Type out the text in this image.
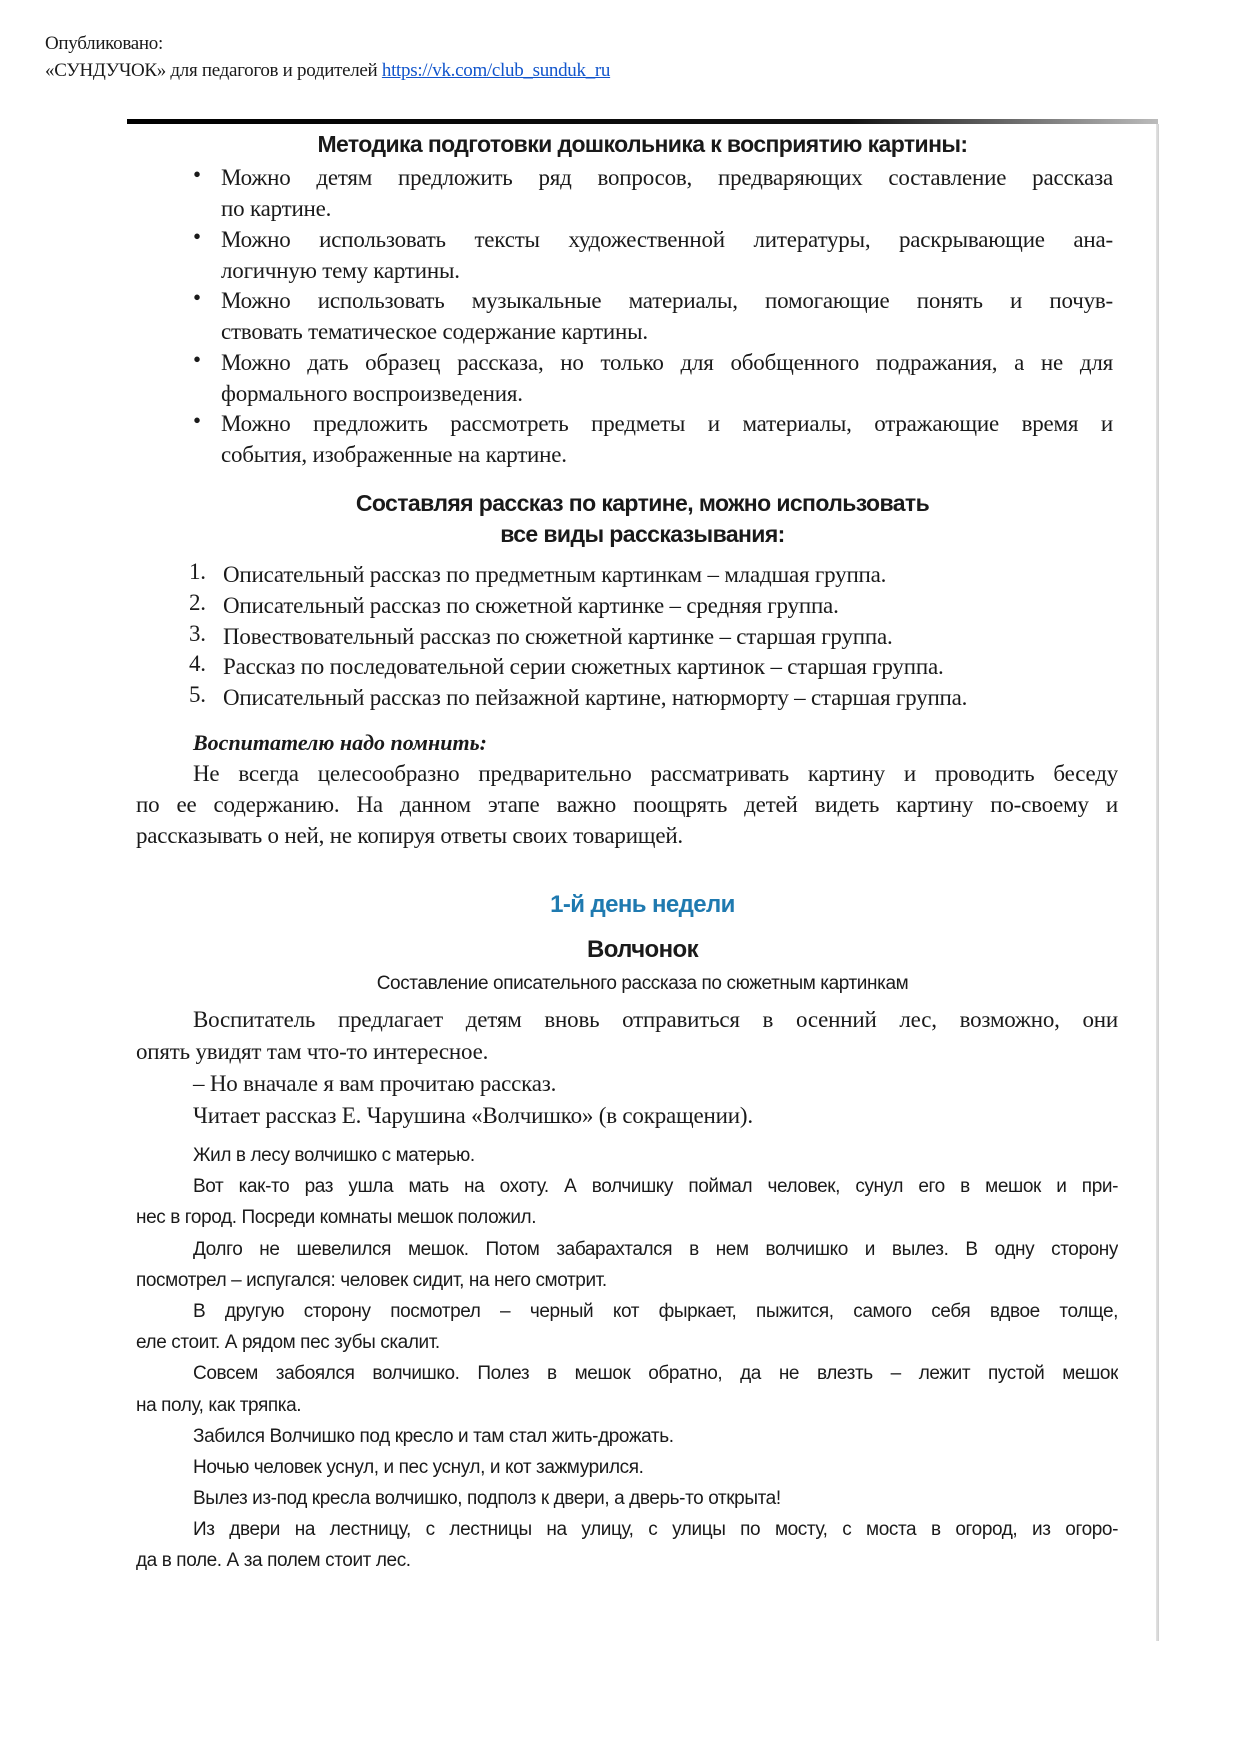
Опубликовано:
«СУНДУЧОК» для педагогов и родителей https://vk.com/club_sunduk_ru
Методика подготовки дошкольника к восприятию картины:
• Можно детям предложить ряд вопросов, предваряющих составление рассказа
по картине.
• Можно использовать тексты художественной литературы, раскрывающие ана-
логичную тему картины.
• Можно использовать музыкальные материалы, помогающие понять и почув-
ствовать тематическое содержание картины.
• Можно дать образец рассказа, но только для обобщенного подражания, а не для
формального воспроизведения.
• Можно предложить рассмотреть предметы и материалы, отражающие время и
события, изображенные на картине.
Составляя рассказ по картине, можно использовать
все виды рассказывания:
1. Описательный рассказ по предметным картинкам – младшая группа.
2. Описательный рассказ по сюжетной картинке – средняя группа.
3. Повествовательный рассказ по сюжетной картинке – старшая группа.
4. Рассказ по последовательной серии сюжетных картинок – старшая группа.
5. Описательный рассказ по пейзажной картине, натюрморту – старшая группа.
Воспитателю надо помнить:
Не всегда целесообразно предварительно рассматривать картину и проводить беседу
по ее содержанию. На данном этапе важно поощрять детей видеть картину по-своему и
рассказывать о ней, не копируя ответы своих товарищей.
1-й день недели
Волчонок
Составление описательного рассказа по сюжетным картинкам
Воспитатель предлагает детям вновь отправиться в осенний лес, возможно, они
опять увидят там что-то интересное.
– Но вначале я вам прочитаю рассказ.
Читает рассказ Е. Чарушина «Волчишко» (в сокращении).
Жил в лесу волчишко с матерью.
Вот как-то раз ушла мать на охоту. А волчишку поймал человек, сунул его в мешок и при-
нес в город. Посреди комнаты мешок положил.
Долго не шевелился мешок. Потом забарахтался в нем волчишко и вылез. В одну сторону
посмотрел – испугался: человек сидит, на него смотрит.
В другую сторону посмотрел – черный кот фыркает, пыжится, самого себя вдвое толще,
еле стоит. А рядом пес зубы скалит.
Совсем забоялся волчишко. Полез в мешок обратно, да не влезть – лежит пустой мешок
на полу, как тряпка.
Забился Волчишко под кресло и там стал жить-дрожать.
Ночью человек уснул, и пес уснул, и кот зажмурился.
Вылез из-под кресла волчишко, подполз к двери, а дверь-то открыта!
Из двери на лестницу, с лестницы на улицу, с улицы по мосту, с моста в огород, из огоро-
да в поле. А за полем стоит лес.
